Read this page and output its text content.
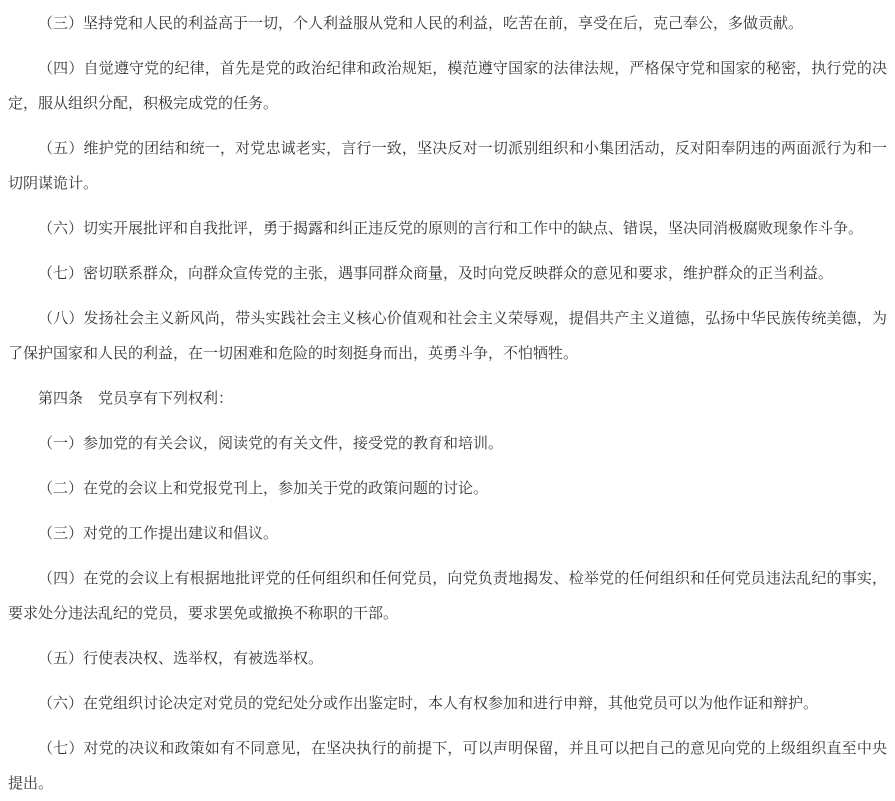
（三）坚持党和人民的利益高于一切，个人利益服从党和人民的利益，吃苦在前，享受在后，克己奉公，多做贡献。

（四）自觉遵守党的纪律，首先是党的政治纪律和政治规矩，模范遵守国家的法律法规，严格保守党和国家的秘密，执行党的决定，服从组织分配，积极完成党的任务。

（五）维护党的团结和统一，对党忠诚老实，言行一致，坚决反对一切派别组织和小集团活动，反对阳奉阴违的两面派行为和一切阴谋诡计。

（六）切实开展批评和自我批评，勇于揭露和纠正违反党的原则的言行和工作中的缺点、错误，坚决同消极腐败现象作斗争。

（七）密切联系群众，向群众宣传党的主张，遇事同群众商量，及时向党反映群众的意见和要求，维护群众的正当利益。

（八）发扬社会主义新风尚，带头实践社会主义核心价值观和社会主义荣辱观，提倡共产主义道德，弘扬中华民族传统美德，为了保护国家和人民的利益，在一切困难和危险的时刻挺身而出，英勇斗争，不怕牺牲。

第四条　党员享有下列权利：

（一）参加党的有关会议，阅读党的有关文件，接受党的教育和培训。

（二）在党的会议上和党报党刊上，参加关于党的政策问题的讨论。

（三）对党的工作提出建议和倡议。

（四）在党的会议上有根据地批评党的任何组织和任何党员，向党负责地揭发、检举党的任何组织和任何党员违法乱纪的事实，要求处分违法乱纪的党员，要求罢免或撤换不称职的干部。

（五）行使表决权、选举权，有被选举权。

（六）在党组织讨论决定对党员的党纪处分或作出鉴定时，本人有权参加和进行申辩，其他党员可以为他作证和辩护。

（七）对党的决议和政策如有不同意见，在坚决执行的前提下，可以声明保留，并且可以把自己的意见向党的上级组织直至中央提出。
